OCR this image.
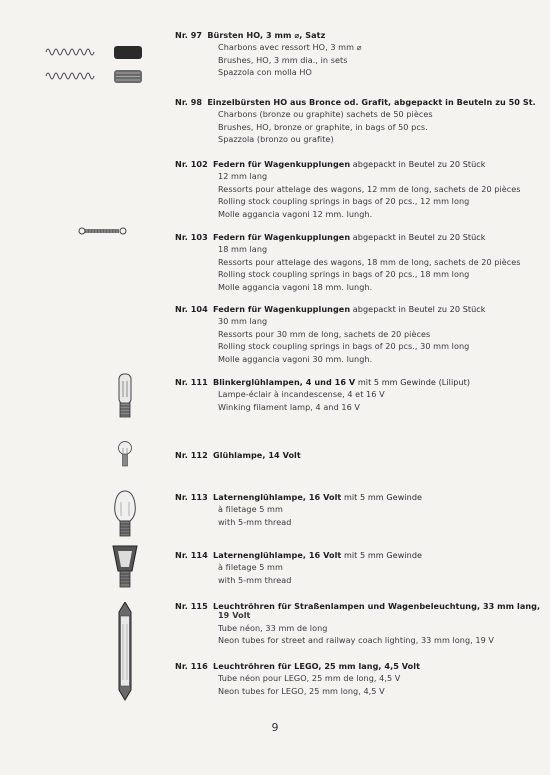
Nr. 97 Bürsten HO, 3 mm ⌀, Satz
Charbons avec ressort HO, 3 mm ⌀
Brushes, HO, 3 mm dia., in sets
Spazzola con molla HO
Nr. 98 Einzelbürsten HO aus Bronce od. Grafit, abgepackt in Beuteln zu 50 St.
Charbons (bronze ou graphite) sachets de 50 pièces
Brushes, HO, bronze or graphite, in bags of 50 pcs.
Spazzola (bronzo ou grafite)
Nr. 102 Federn für Wagenkupplungen abgepackt in Beutel zu 20 Stück
12 mm lang
Ressorts pour attelage des wagons, 12 mm de long, sachets de 20 pièces
Rolling stock coupling springs in bags of 20 pcs., 12 mm long
Molle aggancia vagoni 12 mm. lungh.
Nr. 103 Federn für Wagenkupplungen abgepackt in Beutel zu 20 Stück
18 mm lang
Ressorts pour attelage des wagons, 18 mm de long, sachets de 20 pièces
Rolling stock coupling springs in bags of 20 pcs., 18 mm long
Molle aggancia vagoni 18 mm. lungh.
Nr. 104 Federn für Wagenkupplungen abgepackt in Beutel zu 20 Stück
30 mm lang
Ressorts pour 30 mm de long, sachets de 20 pièces
Rolling stock coupling springs in bags of 20 pcs., 30 mm long
Molle aggancia vagoni 30 mm. lungh.
Nr. 111 Blinkerglühlampen, 4 und 16 V mit 5 mm Gewinde (Liliput)
Lampe-éclair à incandescense, 4 et 16 V
Winking filament lamp, 4 and 16 V
Nr. 112 Glühlampe, 14 Volt
Nr. 113 Laternenglühlampe, 16 Volt mit 5 mm Gewinde
à filetage 5 mm
with 5-mm thread
Nr. 114 Laternenglühlampe, 16 Volt mit 5 mm Gewinde
à filetage 5 mm
with 5-mm thread
Nr. 115 Leuchtröhren für Straßenlampen und Wagenbeleuchtung, 33 mm lang,
19 Volt
Tube néon, 33 mm de long
Neon tubes for street and railway coach lighting, 33 mm long, 19 V
Nr. 116 Leuchtröhren für LEGO, 25 mm lang, 4,5 Volt
Tube néon pour LEGO, 25 mm de long, 4,5 V
Neon tubes for LEGO, 25 mm long, 4,5 V
9
